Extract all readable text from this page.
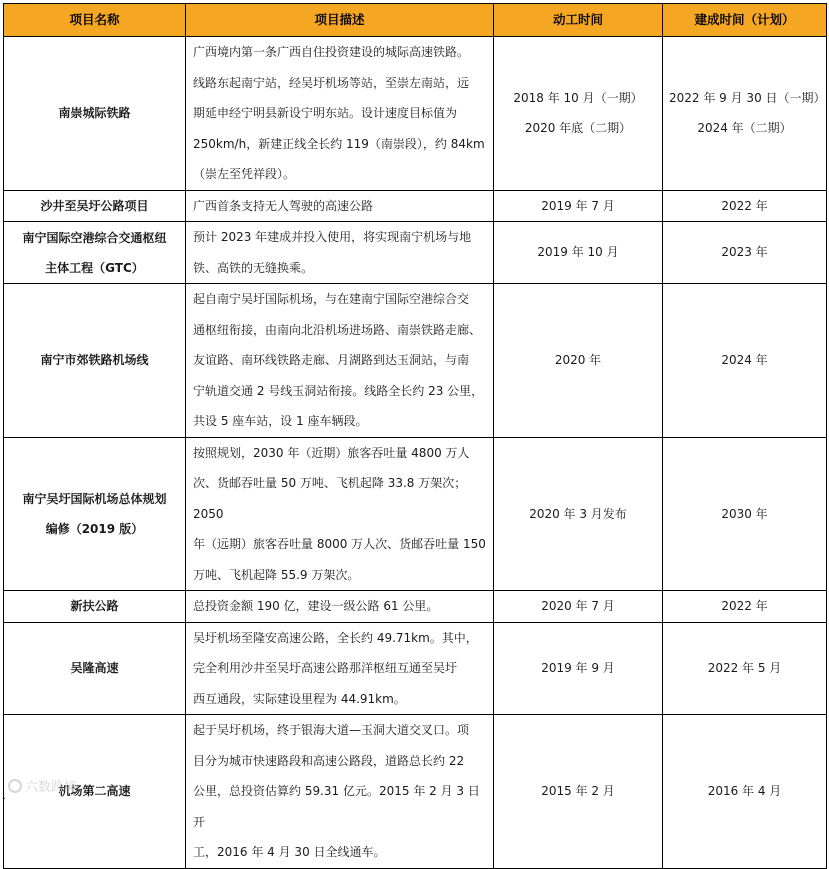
项目名称	项目描述	动工时间	建成时间（计划）

南崇城际铁路	广西境内第一条广西自住投资建设的城际高速铁路。
线路东起南宁站，经吴圩机场等站，至崇左南站，远
期延申经宁明县新设宁明东站。设计速度目标值为
250km/h，新建正线全长约 119（南崇段），约 84km
（崇左至凭祥段）。	2018 年 10 月（一期）
2020 年底（二期）	2022 年 9 月 30 日（一期）
2024 年（二期）

沙井至吴圩公路项目	广西首条支持无人驾驶的高速公路	2019 年 7 月	2022 年

南宁国际空港综合交通枢纽
主体工程（GTC）	预计 2023 年建成并投入使用，将实现南宁机场与地
铁、高铁的无缝换乘。	2019 年 10 月	2023 年

南宁市郊铁路机场线	起自南宁吴圩国际机场，与在建南宁国际空港综合交
通枢纽衔接，由南向北沿机场进场路、南崇铁路走廊、
友谊路、南环线铁路走廊、月湖路到达玉洞站，与南
宁轨道交通 2 号线玉洞站衔接。线路全长约 23 公里，
共设 5 座车站，设 1 座车辆段。	2020 年	2024 年

南宁吴圩国际机场总体规划
编修（2019 版）	按照规划，2030 年（近期）旅客吞吐量 4800 万人
次、货邮吞吐量 50 万吨、飞机起降 33.8 万架次；2050
年（远期）旅客吞吐量 8000 万人次、货邮吞吐量 150
万吨、飞机起降 55.9 万架次。	2020 年 3 月发布	2030 年

新扶公路	总投资金额 190 亿，建设一级公路 61 公里。	2020 年 7 月	2022 年

吴隆高速	吴圩机场至隆安高速公路，全长约 49.71km。其中，
完全利用沙井至吴圩高速公路那洋枢纽互通至吴圩
西互通段，实际建设里程为 44.91km。	2019 年 9 月	2022 年 5 月

机场第二高速	起于吴圩机场，终于银海大道—玉洞大道交叉口。项
目分为城市快速路段和高速公路段，道路总长约 22
公里，总投资估算约 59.31 亿元。2015 年 2 月 3 日开
工，2016 年 4 月 30 日全线通车。	2015 年 2 月	2016 年 4 月
六数跨境
.
